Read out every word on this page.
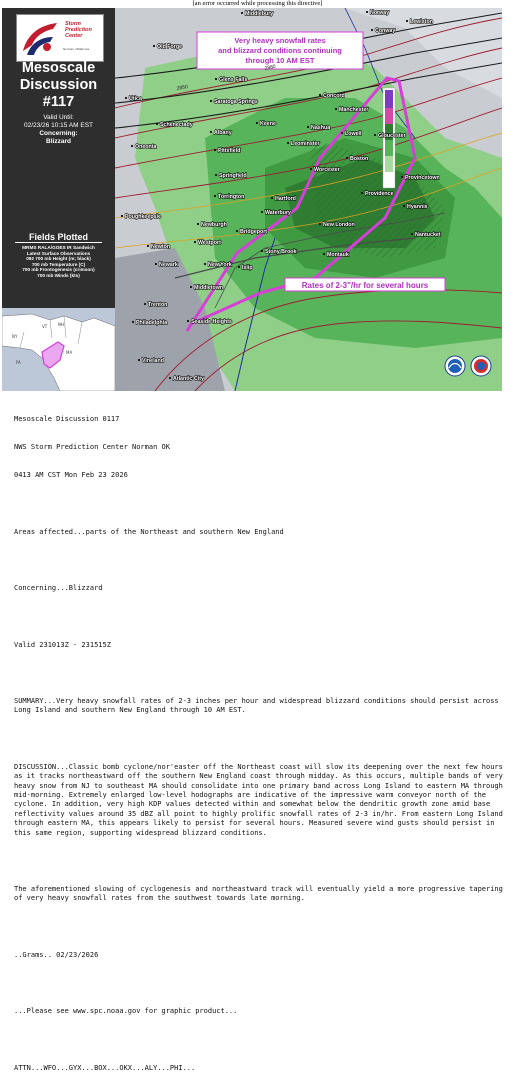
[an error occurred while processing this directive]
Storm
Prediction
Center
Norman, Oklahoma
Mesoscale
Discussion
#117
Valid Until:
02/23/26 10:15 AM EST
Concerning:
Blizzard
Fields Plotted
MRMS RALA/GOES IR Sandwich
Latest Surface Observations
092 700 mb Height (m; black)
700 mb Temperature (C)
700 mb Frontogenesis (crimson)
700 mb Winds (kts)
VT	NH
NY
MA
PA
Very heavy snowfall rates
and blizzard conditions continuing
through 10 AM EST
Rates of 2-3"/hr for several hours
2850
2880
Middlebury	Norway
Lewiston
Conway
Old Forge
Glens Falls
Utica	Saratoga Springs
Concord
Manchester
Schenectady	Keene
Nashua
Albany	Lowell	Gloucester
Oneonta
Pittsfield
Leominster
Boston
Springfield
Worcester
Provincetown
Torrington	Hartford
Providence
Poughkeepsie
Waterbury
Hyannis
Newburgh
Bridgeport
New London
Nantucket
Westport
Stony Brook	Montauk
Newton
Newark	New York Islip
Middletown
Trenton
Philadelphia	Seaside Heights
Vineland
Atlantic City

Mesoscale Discussion 0117

NWS Storm Prediction Center Norman OK

0413 AM CST Mon Feb 23 2026

Areas affected...parts of the Northeast and southern New England

Concerning...Blizzard

Valid 231013Z - 231515Z

SUMMARY...Very heavy snowfall rates of 2-3 inches per hour and widespread blizzard conditions should persist across Long Island and southern New England through 10 AM EST.

DISCUSSION...Classic bomb cyclone/nor'easter off the Northeast coast will slow its deepening over the next few hours as it tracks northeastward off the southern New England coast through midday. As this occurs, multiple bands of very heavy snow from NJ to southeast MA should consolidate into one primary band across Long Island to eastern MA through mid-morning. Extremely enlarged low-level hodographs are indicative of the impressive warm conveyor north of the cyclone. In addition, very high KDP values detected within and somewhat below the dendritic growth zone amid base reflectivity values around 35 dBZ all point to highly prolific snowfall rates of 2-3 in/hr. From eastern Long Island through eastern MA, this appears likely to persist for several hours. Measured severe wind gusts should persist in this same region, supporting widespread blizzard conditions.

The aforementioned slowing of cyclogenesis and northeastward track will eventually yield a more progressive tapering of very heavy snowfall rates from the southwest towards late morning.

..Grams.. 02/23/2026

...Please see www.spc.noaa.gov for graphic product...

ATTN...WFO...GYX...BOX...OKX...ALY...PHI...
